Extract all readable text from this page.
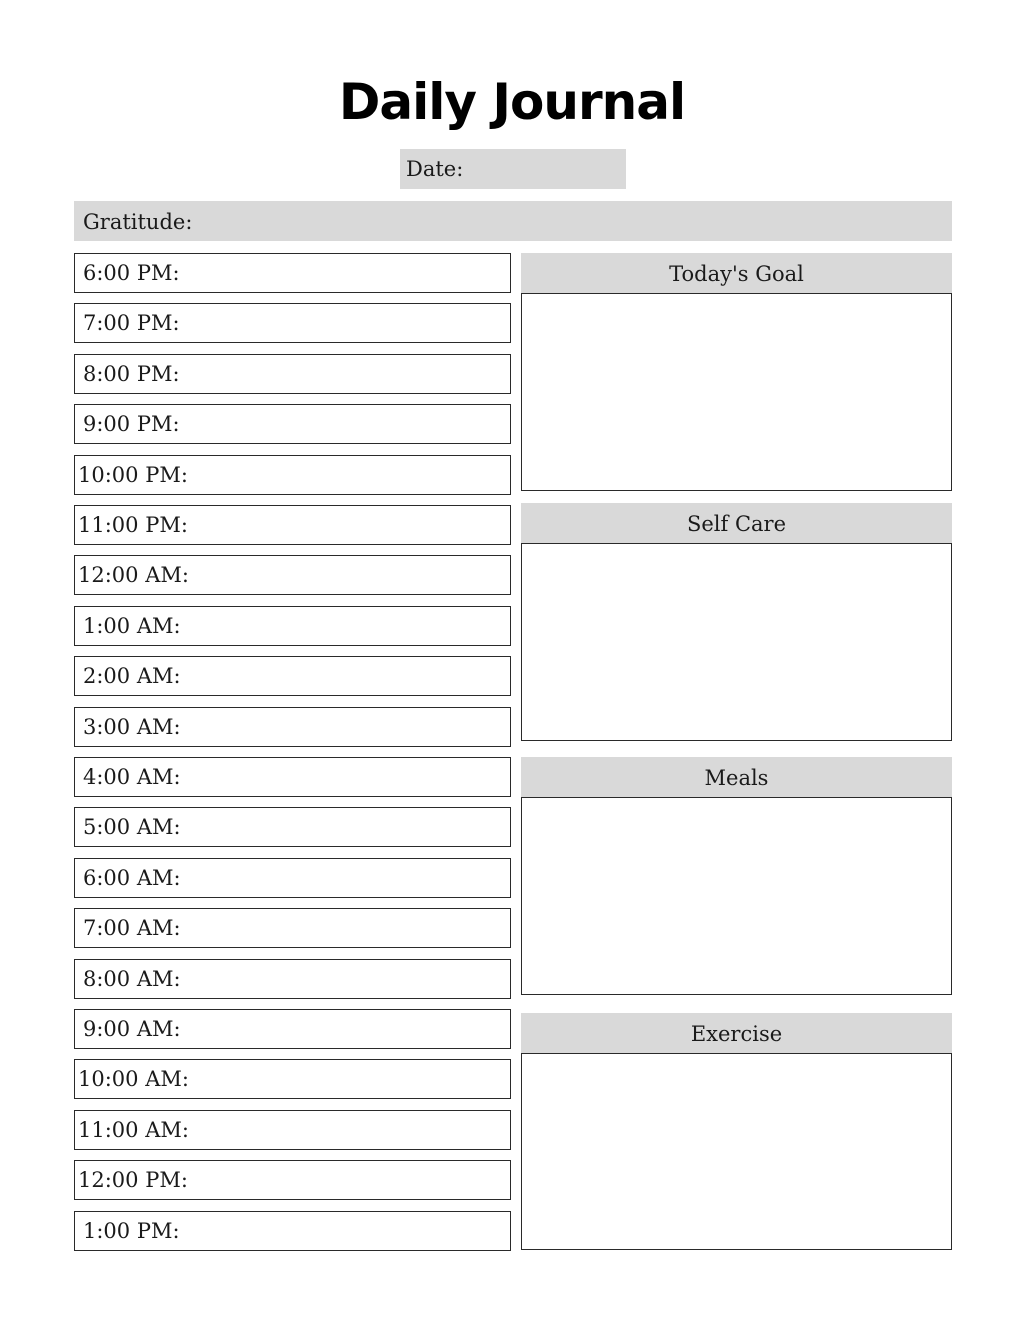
Daily Journal
Date:
Gratitude:
6:00 PM:
7:00 PM:
8:00 PM:
9:00 PM:
10:00 PM:
11:00 PM:
12:00 AM:
1:00 AM:
2:00 AM:
3:00 AM:
4:00 AM:
5:00 AM:
6:00 AM:
7:00 AM:
8:00 AM:
9:00 AM:
10:00 AM:
11:00 AM:
12:00 PM:
1:00 PM:
Today's Goal
Self Care
Meals
Exercise
